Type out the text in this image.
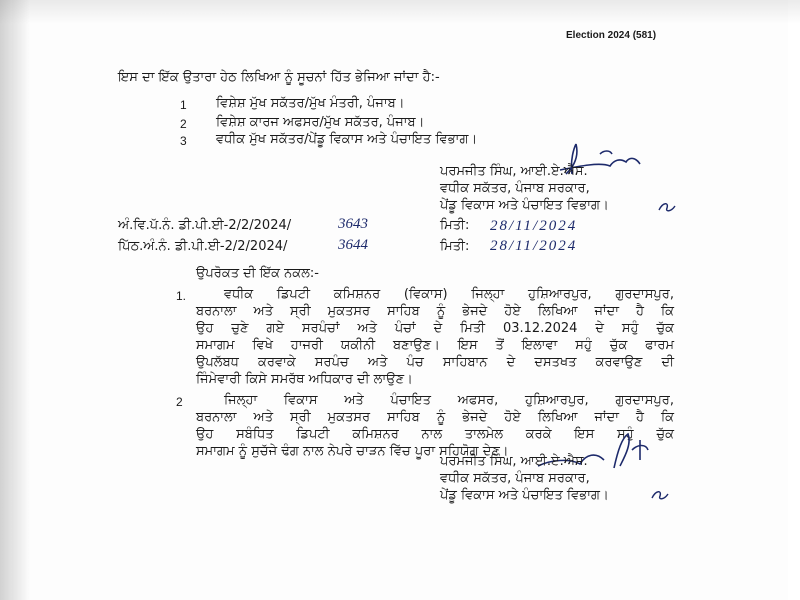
Election 2024 (581)
ਇਸ ਦਾ ਇੱਕ ਉਤਾਰਾ ਹੇਠ ਲਿਖਿਆ ਨੂੰ ਸੂਚਨਾਂ ਹਿੱਤ ਭੇਜਿਆ ਜਾਂਦਾ ਹੈ:-
1 ਵਿਸ਼ੇਸ਼ ਮੁੱਖ ਸਕੱਤਰ/ਮੁੱਖ ਮੰਤਰੀ, ਪੰਜਾਬ।
2 ਵਿਸ਼ੇਸ਼ ਕਾਰਜ ਅਫਸਰ/ਮੁੱਖ ਸਕੱਤਰ, ਪੰਜਾਬ।
3 ਵਧੀਕ ਮੁੱਖ ਸਕੱਤਰ/ਪੇਂਡੂ ਵਿਕਾਸ ਅਤੇ ਪੰਚਾਇਤ ਵਿਭਾਗ।
ਪਰਮਜੀਤ ਸਿੰਘ, ਆਈ.ਏ.ਐਸ.
ਵਧੀਕ ਸਕੱਤਰ, ਪੰਜਾਬ ਸਰਕਾਰ,
ਪੇਂਡੂ ਵਿਕਾਸ ਅਤੇ ਪੰਚਾਇਤ ਵਿਭਾਗ।
ਅੰ.ਵਿ.ਪੱ.ਨੰ. ਡੀ.ਪੀ.ਈ-2/2/2024/	3643	ਮਿਤੀ: 28/11/2024
ਪਿੱਠ.ਅੰ.ਨੰ. ਡੀ.ਪੀ.ਈ-2/2/2024/	3644	ਮਿਤੀ: 28/11/2024
ਉਪਰੋਕਤ ਦੀ ਇੱਕ ਨਕਲ:-
1.	ਵਧੀਕ ਡਿਪਟੀ ਕਮਿਸ਼ਨਰ (ਵਿਕਾਸ) ਜਿਲ੍ਹਾ ਹੁਸ਼ਿਆਰਪੁਰ, ਗੁਰਦਾਸਪੁਰ,
ਬਰਨਾਲਾ ਅਤੇ ਸ੍ਰੀ ਮੁਕਤਸਰ ਸਾਹਿਬ ਨੂੰ ਭੇਜਦੇ ਹੋਏ ਲਿਖਿਆ ਜਾਂਦਾ ਹੈ ਕਿ
ਉਹ ਚੁਣੇ ਗਏ ਸਰਪੰਚਾਂ ਅਤੇ ਪੰਚਾਂ ਦੇ ਮਿਤੀ 03.12.2024 ਦੇ ਸਹੁੰ ਚੁੱਕ
ਸਮਾਗਮ ਵਿਖੇ ਹਾਜਰੀ ਯਕੀਨੀ ਬਣਾਉਣ। ਇਸ ਤੋਂ ਇਲਾਵਾ ਸਹੁੰ ਚੁੱਕ ਫਾਰਮ
ਉਪਲੱਬਧ ਕਰਵਾਕੇ ਸਰਪੰਚ ਅਤੇ ਪੰਚ ਸਾਹਿਬਾਨ ਦੇ ਦਸਤਖਤ ਕਰਵਾਉਣ ਦੀ
ਜਿੰਮੇਵਾਰੀ ਕਿਸੇ ਸਮਰੱਥ ਅਧਿਕਾਰ ਦੀ ਲਾਉਣ।
2	ਜਿਲ੍ਹਾ ਵਿਕਾਸ ਅਤੇ ਪੰਚਾਇਤ ਅਫਸਰ, ਹੁਸ਼ਿਆਰਪੁਰ, ਗੁਰਦਾਸਪੁਰ,
ਬਰਨਾਲਾ ਅਤੇ ਸ੍ਰੀ ਮੁਕਤਸਰ ਸਾਹਿਬ ਨੂੰ ਭੇਜਦੇ ਹੋਏ ਲਿਖਿਆ ਜਾਂਦਾ ਹੈ ਕਿ
ਉਹ ਸਬੰਧਿਤ ਡਿਪਟੀ ਕਮਿਸ਼ਨਰ ਨਾਲ ਤਾਲਮੇਲ ਕਰਕੇ ਇਸ ਸਹੁੰ ਚੁੱਕ
ਸਮਾਗਮ ਨੂੰ ਸੁਚੱਜੇ ਢੰਗ ਨਾਲ ਨੇਪਰੇ ਚਾੜਨ ਵਿੱਚ ਪੂਰਾ ਸਹਿਯੋਗ ਦੇਣ।
ਪਰਮਜੀਤ ਸਿੰਘ, ਆਈ.ਏ.ਐਸ.
ਵਧੀਕ ਸਕੱਤਰ, ਪੰਜਾਬ ਸਰਕਾਰ,
ਪੇਂਡੂ ਵਿਕਾਸ ਅਤੇ ਪੰਚਾਇਤ ਵਿਭਾਗ।
